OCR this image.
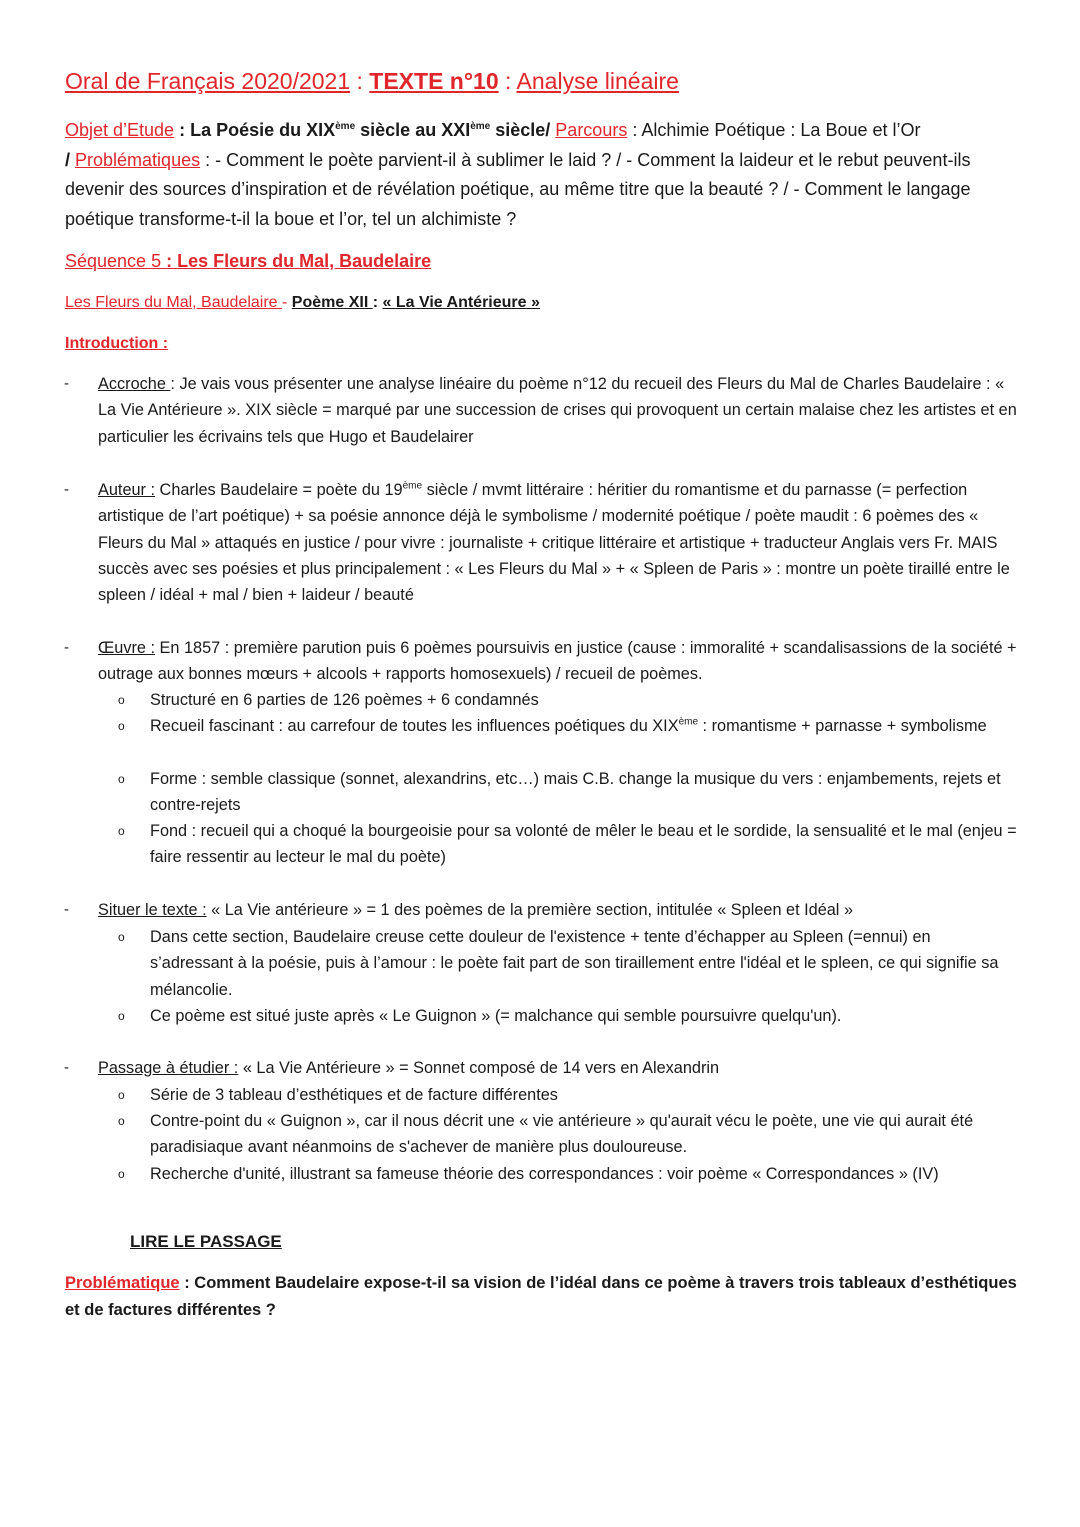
Oral de Français 2020/2021 : TEXTE n°10 : Analyse linéaire
Objet d’Etude : La Poésie du XIXème siècle au XXIème siècle/ Parcours : Alchimie Poétique : La Boue et l’Or
/ Problématiques : - Comment le poète parvient-il à sublimer le laid ? / - Comment la laideur et le rebut peuvent-ils devenir des sources d’inspiration et de révélation poétique, au même titre que la beauté ? / - Comment le langage poétique transforme-t-il la boue et l’or, tel un alchimiste ?
Séquence 5 : Les Fleurs du Mal, Baudelaire
Les Fleurs du Mal, Baudelaire - Poème XII : « La Vie Antérieure »
Introduction :
- Accroche : Je vais vous présenter une analyse linéaire du poème n°12 du recueil des Fleurs du Mal de Charles Baudelaire : « La Vie Antérieure ». XIX siècle = marqué par une succession de crises qui provoquent un certain malaise chez les artistes et en particulier les écrivains tels que Hugo et Baudelairer
- Auteur : Charles Baudelaire = poète du 19ème siècle / mvmt littéraire : héritier du romantisme et du parnasse (= perfection artistique de l’art poétique) + sa poésie annonce déjà le symbolisme / modernité poétique / poète maudit : 6 poèmes des « Fleurs du Mal » attaqués en justice / pour vivre : journaliste + critique littéraire et artistique + traducteur Anglais vers Fr. MAIS succès avec ses poésies et plus principalement : « Les Fleurs du Mal » + « Spleen de Paris » : montre un poète tiraillé entre le spleen / idéal + mal / bien + laideur / beauté
- Œuvre : En 1857 : première parution puis 6 poèmes poursuivis en justice (cause : immoralité + scandalisassions de la société + outrage aux bonnes mœurs + alcools + rapports homosexuels) / recueil de poèmes.
o Structuré en 6 parties de 126 poèmes + 6 condamnés
o Recueil fascinant : au carrefour de toutes les influences poétiques du XIXème : romantisme + parnasse + symbolisme
o Forme : semble classique (sonnet, alexandrins, etc…) mais C.B. change la musique du vers : enjambements, rejets et contre-rejets
o Fond : recueil qui a choqué la bourgeoisie pour sa volonté de mêler le beau et le sordide, la sensualité et le mal (enjeu = faire ressentir au lecteur le mal du poète)
- Situer le texte : « La Vie antérieure » = 1 des poèmes de la première section, intitulée « Spleen et Idéal »
o Dans cette section, Baudelaire creuse cette douleur de l'existence + tente d’échapper au Spleen (=ennui) en s’adressant à la poésie, puis à l’amour : le poète fait part de son tiraillement entre l'idéal et le spleen, ce qui signifie sa mélancolie.
o Ce poème est situé juste après « Le Guignon » (= malchance qui semble poursuivre quelqu'un).
- Passage à étudier : « La Vie Antérieure » = Sonnet composé de 14 vers en Alexandrin
o Série de 3 tableau d’esthétiques et de facture différentes
o Contre-point du « Guignon », car il nous décrit une « vie antérieure » qu'aurait vécu le poète, une vie qui aurait été paradisiaque avant néanmoins de s'achever de manière plus douloureuse.
o Recherche d'unité, illustrant sa fameuse théorie des correspondances : voir poème « Correspondances » (IV)
LIRE LE PASSAGE
Problématique : Comment Baudelaire expose-t-il sa vision de l’idéal dans ce poème à travers trois tableaux d’esthétiques et de factures différentes ?
